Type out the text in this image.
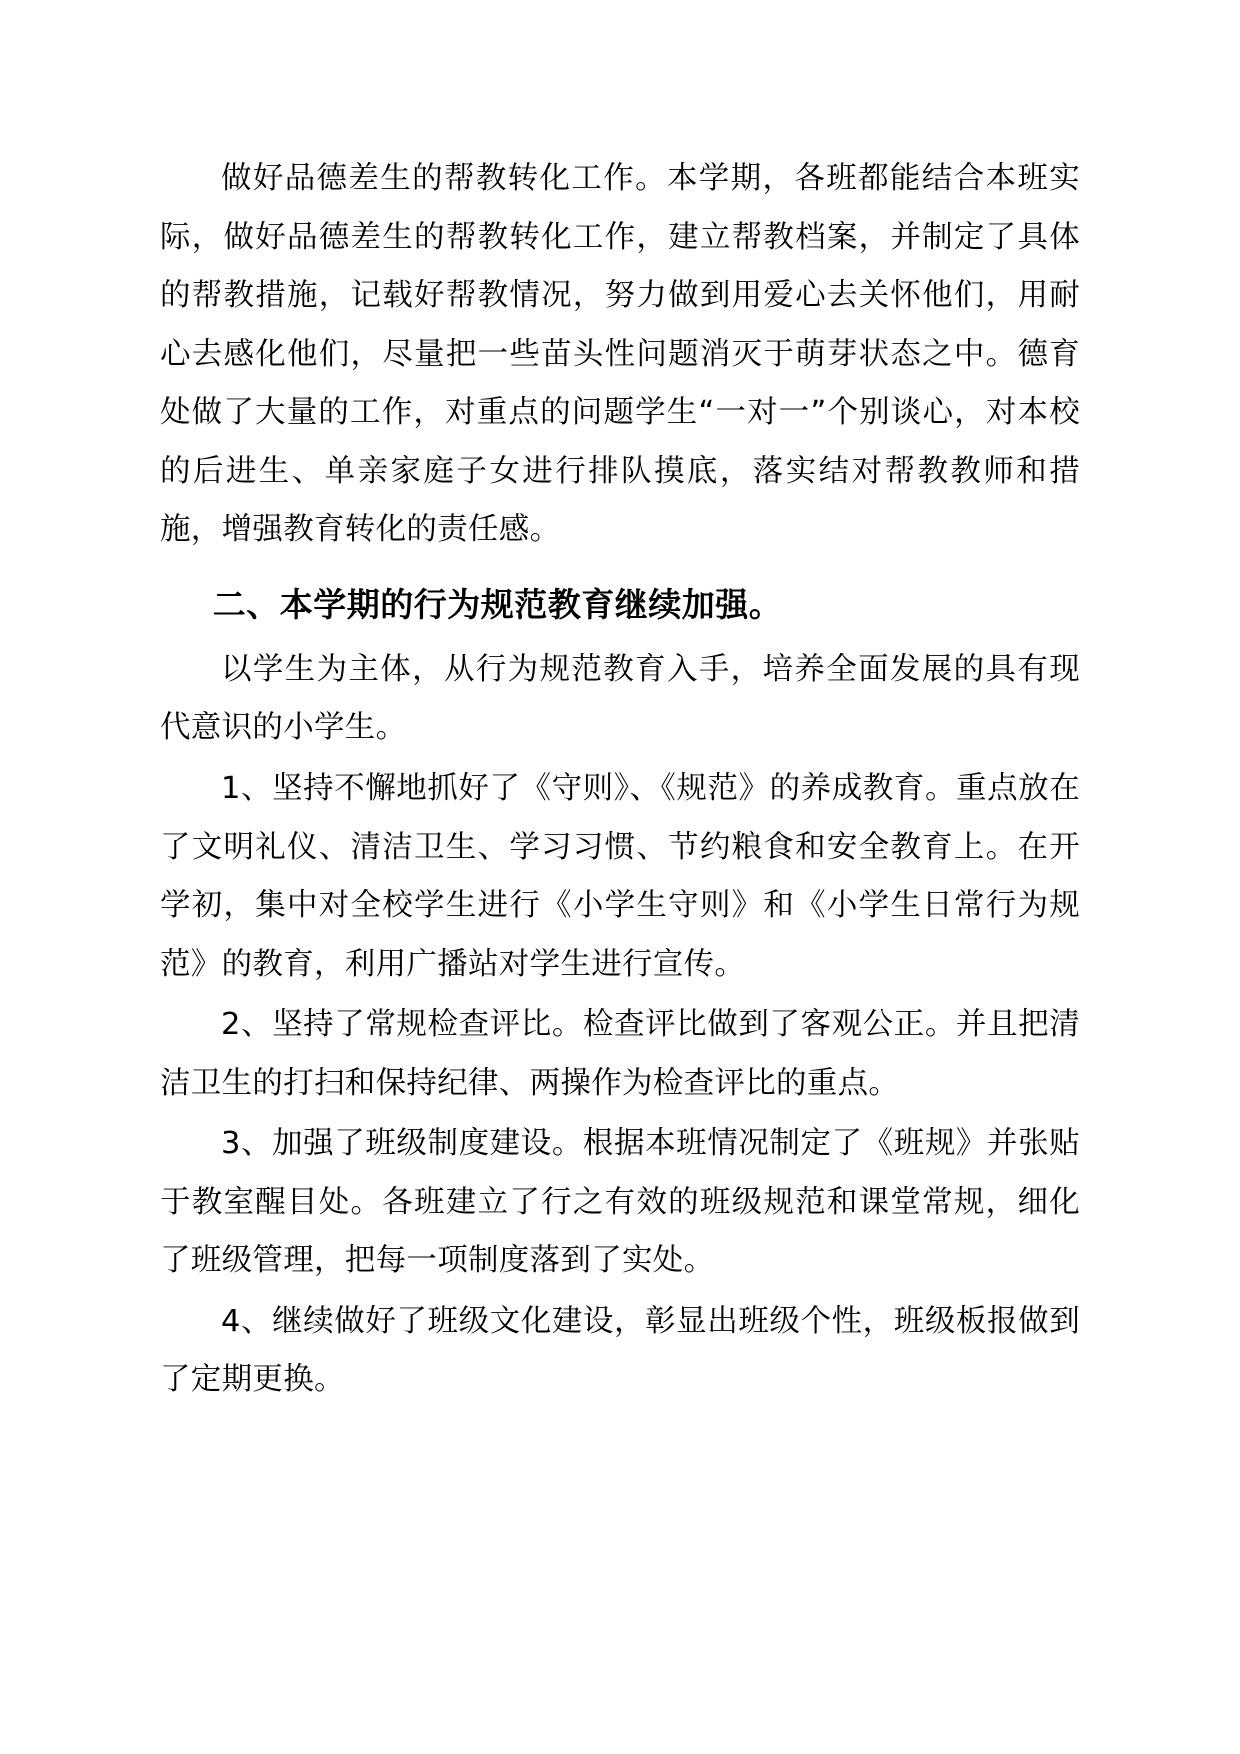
做好品德差生的帮教转化工作。本学期，各班都能结合本班实际，做好品德差生的帮教转化工作，建立帮教档案，并制定了具体的帮教措施，记载好帮教情况，努力做到用爱心去关怀他们，用耐心去感化他们，尽量把一些苗头性问题消灭于萌芽状态之中。德育处做了大量的工作，对重点的问题学生“一对一”个别谈心，对本校的后进生、单亲家庭子女进行排队摸底，落实结对帮教教师和措施，增强教育转化的责任感。

二、本学期的行为规范教育继续加强。

以学生为主体，从行为规范教育入手，培养全面发展的具有现代意识的小学生。

1、坚持不懈地抓好了《守则》、《规范》的养成教育。重点放在了文明礼仪、清洁卫生、学习习惯、节约粮食和安全教育上。在开学初，集中对全校学生进行《小学生守则》和《小学生日常行为规范》的教育，利用广播站对学生进行宣传。

2、坚持了常规检查评比。检查评比做到了客观公正。并且把清洁卫生的打扫和保持纪律、两操作为检查评比的重点。

3、加强了班级制度建设。根据本班情况制定了《班规》并张贴于教室醒目处。各班建立了行之有效的班级规范和课堂常规，细化了班级管理，把每一项制度落到了实处。

4、继续做好了班级文化建设，彰显出班级个性，班级板报做到了定期更换。
